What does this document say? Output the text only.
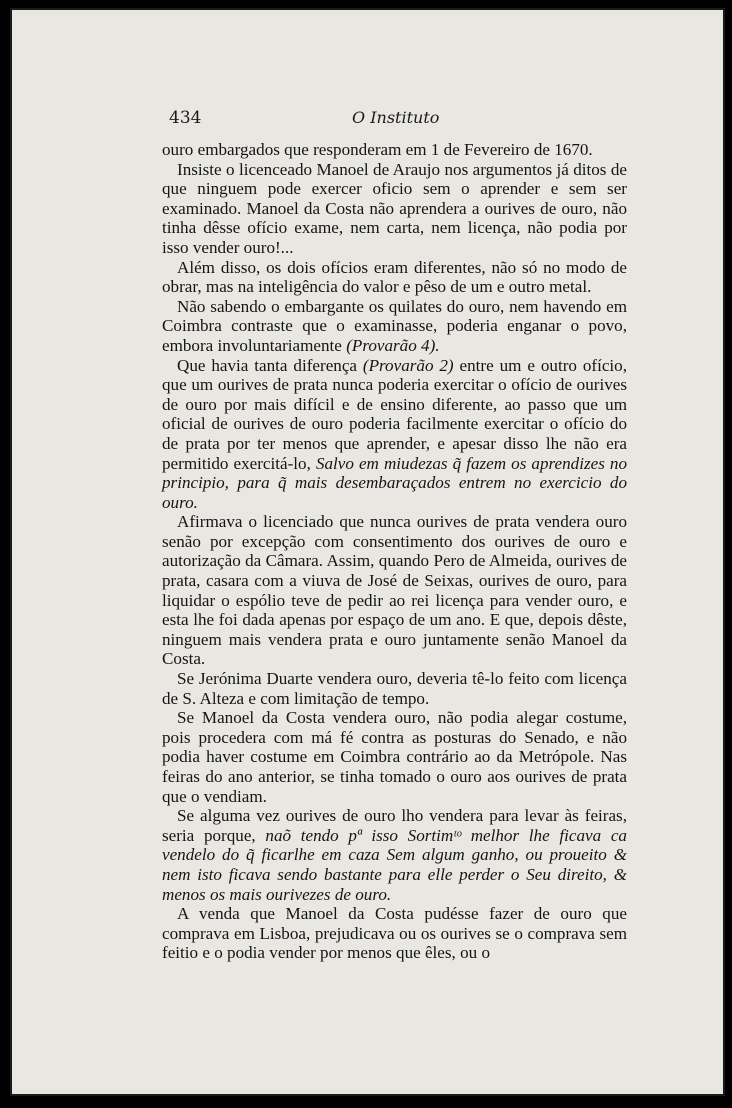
434	O Instituto

ouro embargados que responderam em 1 de Fevereiro de 1670.

Insiste o licenceado Manoel de Araujo nos argumentos já ditos de que ninguem pode exercer oficio sem o aprender e sem ser examinado. Manoel da Costa não aprendera a ourives de ouro, não tinha dêsse ofício exame, nem carta, nem licença, não podia por isso vender ouro!...

Além disso, os dois ofícios eram diferentes, não só no modo de obrar, mas na inteligência do valor e pêso de um e outro metal.

Não sabendo o embargante os quilates do ouro, nem havendo em Coimbra contraste que o examinasse, poderia enganar o povo, embora involuntariamente (Provarão 4).

Que havia tanta diferença (Provarão 2) entre um e outro ofício, que um ourives de prata nunca poderia exercitar o ofício de ourives de ouro por mais difícil e de ensino diferente, ao passo que um oficial de ourives de ouro poderia facilmente exercitar o ofício do de prata por ter menos que aprender, e apesar disso lhe não era permitido exercitá-lo, Salvo em miudezas q̃ fazem os aprendizes no principio, para q̃ mais desembaraçados entrem no exercicio do ouro.

Afirmava o licenciado que nunca ourives de prata vendera ouro senão por excepção com consentimento dos ourives de ouro e autorização da Câmara. Assim, quando Pero de Almeida, ourives de prata, casara com a viuva de José de Seixas, ourives de ouro, para liquidar o espólio teve de pedir ao rei licença para vender ouro, e esta lhe foi dada apenas por espaço de um ano. E que, depois dêste, ninguem mais vendera prata e ouro juntamente senão Manoel da Costa.

Se Jerónima Duarte vendera ouro, deveria tê-lo feito com licença de S. Alteza e com limitação de tempo.

Se Manoel da Costa vendera ouro, não podia alegar costume, pois procedera com má fé contra as posturas do Senado, e não podia haver costume em Coimbra contrário ao da Metrópole. Nas feiras do ano anterior, se tinha tomado o ouro aos ourives de prata que o vendiam.

Se alguma vez ourives de ouro lho vendera para levar às feiras, seria porque, naõ tendo pª isso Sortimᵗᵒ melhor lhe ficava ca vendelo do q̃ ficarlhe em caza Sem algum ganho, ou proueito & nem isto ficava sendo bastante para elle perder o Seu direito, & menos os mais ourivezes de ouro.

A venda que Manoel da Costa pudésse fazer de ouro que comprava em Lisboa, prejudicava ou os ourives se o comprava sem feitio e o podia vender por menos que êles, ou o
